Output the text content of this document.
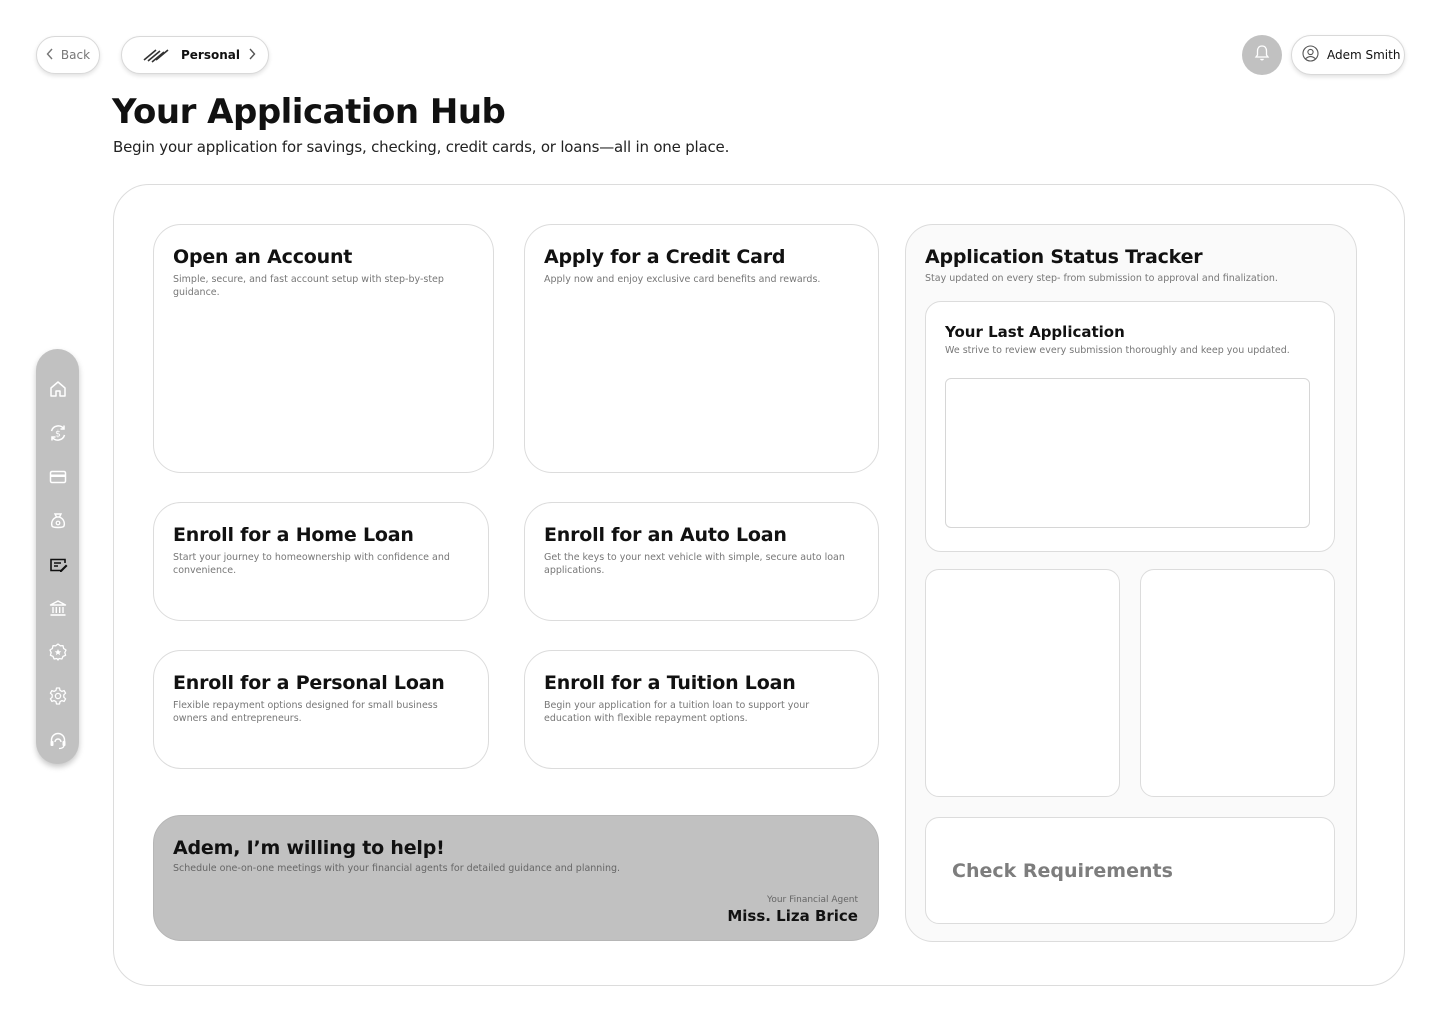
Back	Personal	Adem Smith
Your Application Hub
Begin your application for savings, checking, credit cards, or loans—all in one place.
Open an Account

Simple, secure, and fast account setup with step-by-step guidance.

Apply for a Credit Card

Apply now and enjoy exclusive card benefits and rewards.

Enroll for a Home Loan

Start your journey to homeownership with confidence and convenience.

Enroll for an Auto Loan

Get the keys to your next vehicle with simple, secure auto loan applications.

Enroll for a Personal Loan

Flexible repayment options designed for small business owners and entrepreneurs.

Enroll for a Tuition Loan

Begin your application for a tuition loan to support your education with flexible repayment options.

Adem, I’m willing to help!

Schedule one-on-one meetings with your financial agents for detailed guidance and planning.

Your Financial Agent
Miss. Liza Brice
Application Status Tracker

Stay updated on every step- from submission to approval and finalization.

Your Last Application

We strive to review every submission thoroughly and keep you updated.

Check Requirements
$
